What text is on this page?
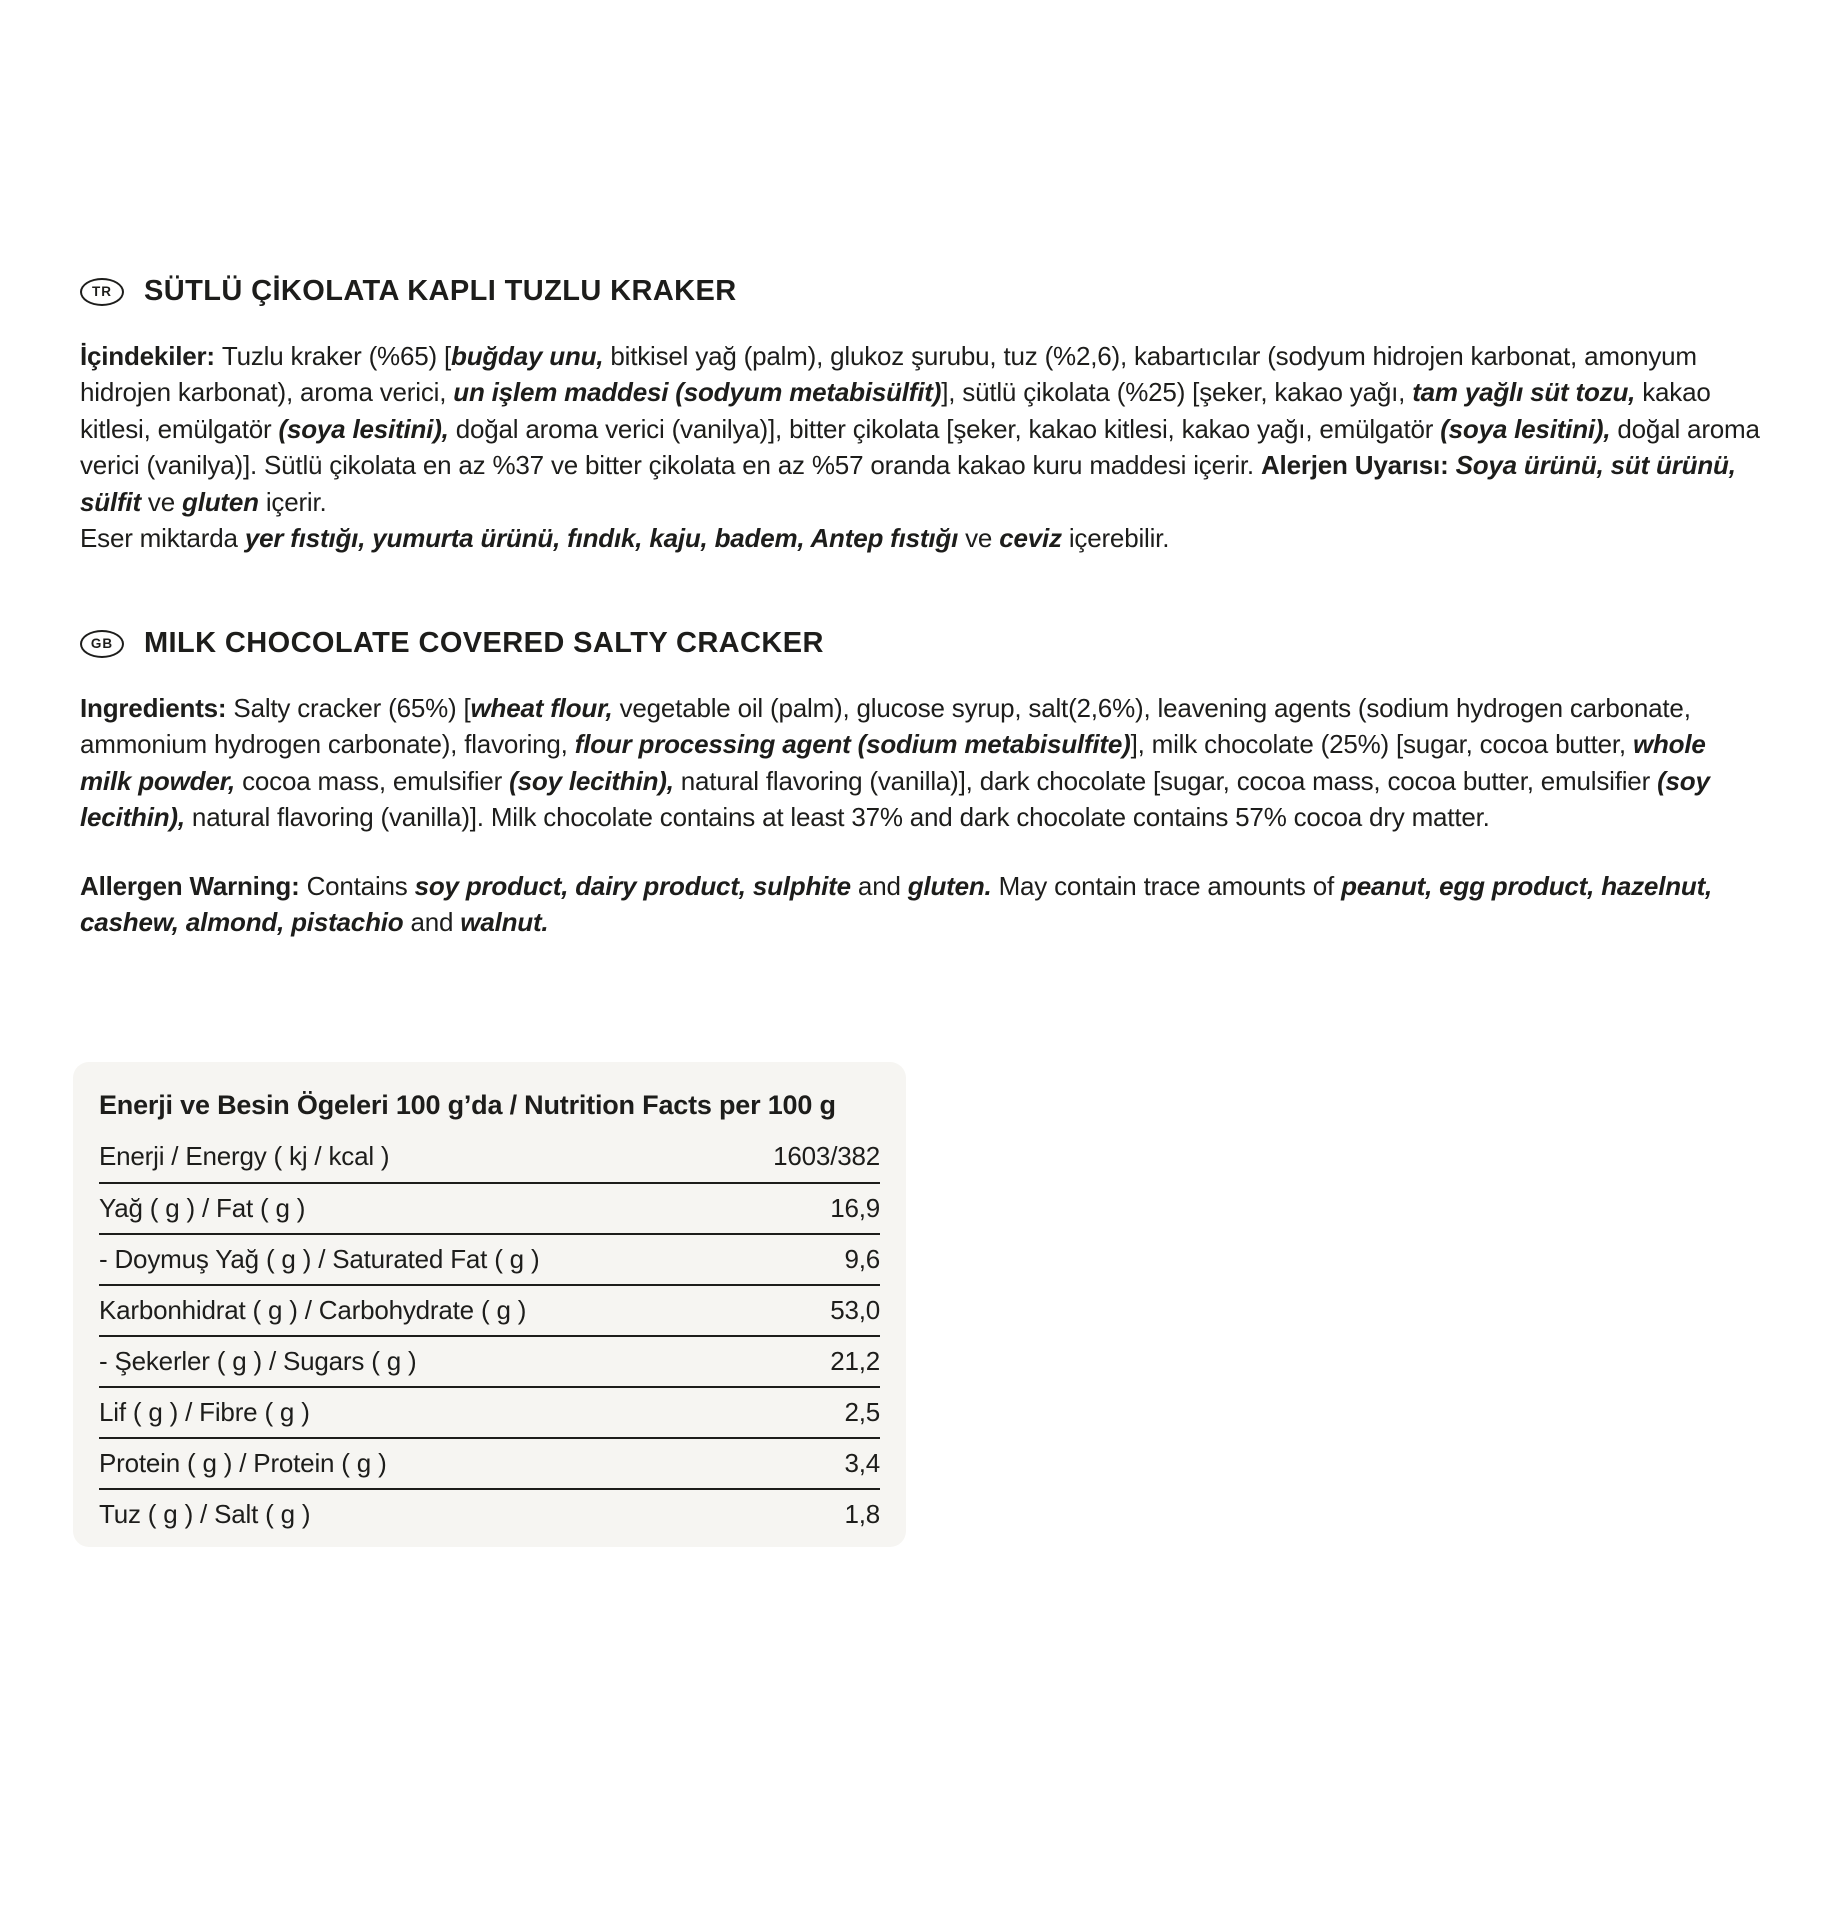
TR SÜTLÜ ÇİKOLATA KAPLI TUZLU KRAKER

İçindekiler: Tuzlu kraker (%65) [buğday unu, bitkisel yağ (palm), glukoz şurubu, tuz (%2,6), kabartıcılar (sodyum hidrojen karbonat, amonyum hidrojen karbonat), aroma verici, un işlem maddesi (sodyum metabisülfit)], sütlü çikolata (%25) [şeker, kakao yağı, tam yağlı süt tozu, kakao kitlesi, emülgatör (soya lesitini), doğal aroma verici (vanilya)], bitter çikolata [şeker, kakao kitlesi, kakao yağı, emülgatör (soya lesitini), doğal aroma verici (vanilya)]. Sütlü çikolata en az %37 ve bitter çikolata en az %57 oranda kakao kuru maddesi içerir. Alerjen Uyarısı: Soya ürünü, süt ürünü, sülfit ve gluten içerir.

Eser miktarda yer fıstığı, yumurta ürünü, fındık, kaju, badem, Antep fıstığı ve ceviz içerebilir.

GB MILK CHOCOLATE COVERED SALTY CRACKER

Ingredients: Salty cracker (65%) [wheat flour, vegetable oil (palm), glucose syrup, salt(2,6%), leavening agents (sodium hydrogen carbonate, ammonium hydrogen carbonate), flavoring, flour processing agent (sodium metabisulfite)], milk chocolate (25%) [sugar, cocoa butter, whole milk powder, cocoa mass, emulsifier (soy lecithin), natural flavoring (vanilla)], dark chocolate [sugar, cocoa mass, cocoa butter, emulsifier (soy lecithin), natural flavoring (vanilla)]. Milk chocolate contains at least 37% and dark chocolate contains 57% cocoa dry matter.

Allergen Warning: Contains soy product, dairy product, sulphite and gluten. May contain trace amounts of peanut, egg product, hazelnut, cashew, almond, pistachio and walnut.

Enerji ve Besin Ögeleri 100 g’da / Nutrition Facts per 100 g
Enerji / Energy ( kj / kcal )	1603/382
Yağ ( g ) / Fat ( g )	16,9
- Doymuş Yağ ( g ) / Saturated Fat ( g )	9,6
Karbonhidrat ( g ) / Carbohydrate ( g )	53,0
- Şekerler ( g ) / Sugars ( g )	21,2
Lif ( g ) / Fibre ( g )	2,5
Protein ( g ) / Protein ( g )	3,4
Tuz ( g ) / Salt ( g )	1,8
